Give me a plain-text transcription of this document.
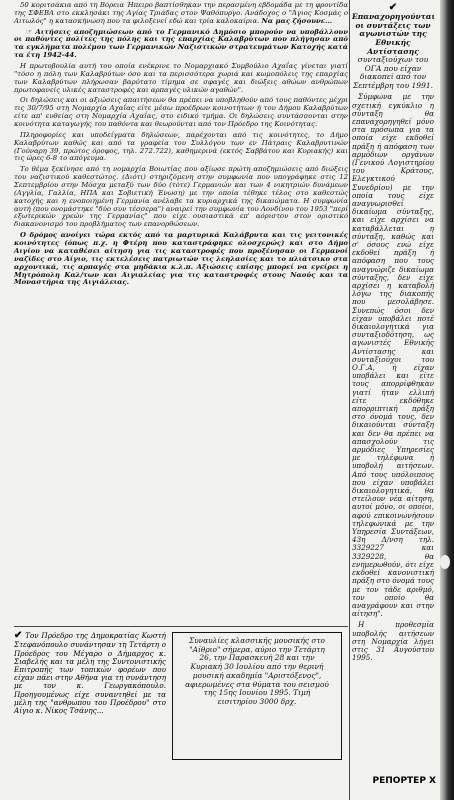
50 κοριτσάκια από τη Βόρεια Ήπειρο βαπτίσθηκαν την περασμένη εβδομάδα με τη φροντίδα της ΣΦΕΒΑ στο εκκλησάκι της Αγίας Τριάδας στον Ψαθόπυργο. Ανάδοχος ο "Άγιος Κοσμάς ο Αιτωλός" η κατασκήνωση που τα φιλοξενεί εδώ και τρία καλοκαίρια. Να μας ζήσουνε...

☞ Αιτήσεις αποζημιώσεων από το Γερμανικό Δημόσιο μπορούν να υποβάλλουν οι παθόντες πολίτες της πόλης και της επαρχίας Καλαβρύτων που πλήγησαν από τα εγκλήματα πολέμου των Γερμανικών Ναζιστικών στρατευμάτων Κατοχής κατά τα έτη 1942-44.

Η πρωτοβουλία αυτή του οποία ενέκρινε το Νομαρχιακό Συμβούλιο Αχαΐας γίνεται γιατί "τόσο η πόλη των Καλαβρύτων όσο και τα περισσότερα χωριά και κωμοπόλεις της επαρχίας των Καλαβρύτων πλήρωσαν βαρύτατο τίμημα σε σφαγές και διώξεις αθώων ανθρώπων πρωτοφανείς υλικές καταστροφές και αρπαγές υλικών αγαθών".

Οι δηλώσεις και οι αξιώσεις απαιτήσεων θα πρέπει να υποβληθούν από τους παθόντες μέχρι τις 30/7/95 στη Νομαρχία Αχαΐας είτε μέσω προέδρων κοινοτήτων ή του Δήμου Καλαβρύτων είτε απ' ευθείας στη Νομαρχία Αχαΐας, στο ειδικό τμήμα. Οι δηλώσεις συντάσσονται στην κοινότητα καταγωγής του παθόντα και θεωρούνται από τον Πρόεδρο της Κοινότητας.

Πληροφορίες και υποδείγματα δηλώσεων, παρέχονται από τις κοινότητες, το Δήμο Καλαβρύτων καθώς και από τα γραφεία του Συλλόγου των εν Πάτραις Καλαβρυτινών (Γούναρη 39, πρώτος όροφος, τηλ. 272.722), καθημερινά (εκτός Σαββάτου και Κυριακής) και τις ώρες 6-8 το απόγευμα.

Το θέμα ξεκίνησε από τη νομαρχία Βοιωτίας που αξίωσε πρώτη αποζημιώσεις από διώξεις του ναζιστικού καθεστώτος. (Διότι) στηριζόμενη στην συμφωνία που υπογράφηκε στις 12 Σεπτεμβρίου στην Μόσχα μεταξύ των δύο (τότε) Γερμανιών και των 4 νικητριών δυνάμεων (Αγγλία, Γαλλία, ΗΠΑ και Σοβιετική Ένωση) με την οποία τέθηκε τέλος στο καθεστώς κατοχής και η ενοποιημένη Γερμανία ανέλαβε τα κυριαρχικά της δικαιώματα. Η συμφωνία αυτή (που ονομάστηκε "δύο συν τέσσερα") αναιρεί την συμφωνία του Λονδίνου του 1953 "περί εξωτερικών χρεών της Γερμανίας" που είχε ουσιαστικά επ' αόριστον στον οριστικό διακανονισμό του προβλήματος των επανορθώσεων.

Ο δρόμος ανοίγει τώρα εκτός από τα μαρτυρικά Καλάβρυτα και τις γειτονικές κοινότητες (όπως π.χ. η Φτέρη που καταστράφηκε ολοσχερώς) και στο Δήμο Αιγίου να καταθέσει αίτηση για τις καταστροφές που προξένησαν οι Γερμανοί ναζίδες στο Αίγιο, τις εκτελέσεις πατριωτών τις λεηλασίες και το πλιάτσικο στα αρχοντικά, τις αρπαγές στα μηδάκια κ.λ.π. Αξιώσεις επίσης μπορεί να εγείρει η Μητρόπολη Καλ/των και Αιγιαλείας για τις καταστροφές στους Ναούς και τα Μοναστήρια της Αιγιάλειας.

✔ Τον Πρόεδρο της Δημοκρατίας Κωστή Στεφανόπουλο συνάντησαν τη Τετάρτη ο Πρόεδρος του Μέγαρο ο Δήμαρχος κ. Σιαβελής και τα μέλη της Συντονιστικής Επιτροπής των τοπικών φορέων που είχαν πάει στην Αθήνα για τη συνάντηση με τον κ. Γεωργακόπουλο. Προηγουμένως είχε συναντηθεί με τα μέλη της "ανθρωπου του Προέδρου" στο Αίγιο κ. Νίκος Τσάνης...
Συναυλίες κλασσικής μουσικής στο "Αίθριο" σήμερα, αύριο την Τετάρτη 26, την Παρασκευή 28 και την Κυριακή 30 Ιουλίου από την θερινή μουσική ακαδημία "Αριστόξενος", αφιερωμένες στα θύματα του σεισμού της 15ης Ιουνίου 1995. Τιμή εισιτηρίου 3000 δρχ.

✔ Επαναχορηγούνται οι συντάξεις των αγωνιστών της Εθνικής Αντίστασης συνταξιούχων του ΟΓΑ που είχαν διακοπεί από τον Σεπτέμβρη του 1991.

Σύμφωνα με την σχετική εγκύκλιο η σύνταξη θα επαναχορηγηθεί μόνο στα πρόσωπα για τα οποία είχε εκδοθεί πράξη ή απόφαση των αρμόδιων οργάνων (Γενικού Λογιστηρίου του Κράτους, Ελεγκτικού Συνεδρίου) με την οποία τους είχε αναγνωρισθεί δικαίωμα σύνταξης, και είχε αρχίσει να καταβάλλεται η σύνταξη, καθώς και σ' όσους ενώ είχε εκδοθεί πράξη ή απόφαση που τους αναγνώριζε δικαίωμα σύνταξης, δεν είχε αρχίσει η καταβολή λόγω της διακοπής που μεσολάβησε. Συνεπώς όσοι δεν είχαν υποβάλει ποτέ δικαιολογητικά για συνταξιοδότηση, ως αγωνιστές Εθνικής Αντίστασης και συνταξιούχοι του Ο.Γ.Α, ή είχαν υποβάλει και είτε τους απορρίφθηκαν γιατί ήταν ελλιπή είτε εκδόθηκε απορριπτική πράξη στο όνομά τους, δεν δικαιούνται σύνταξη και δεν θα πρέπει να απασχολούν τις αρμόδιες Υπηρεσίες με τηλέφωνα ή υποβολή αιτήσεων. Από τους υπόλοιπους που είχαν υποβάλει δικαιολογητικά, θα στείλουν νέα αίτηση, αυτοί μόνο, οι οποίοι, αφού επικοινωνήσουν τηλεφωνικά με την Υπηρεσία Συντάξεων, 43η Δ/νση τηλ. 3329227 και 3329228, θα ενημερωθούν, ότι είχε εκδοθεί κανονιστική πράξη στο όνομά τους με τον τάδε αριθμό, τον οποίο θα αναγράφουν και στην αίτηση".

Η προθεσμία υποβολής αιτήσεων στη Νομαρχία λήγει στις 31 Αυγούστου 1995.

ΡΕΠΟΡΤΕΡ Χ
